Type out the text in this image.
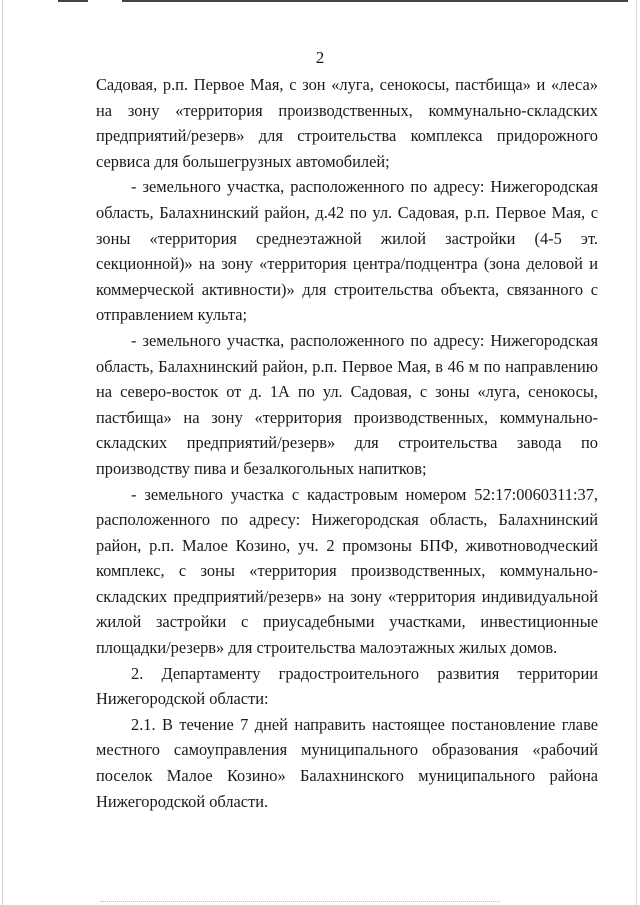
2

Садовая, р.п. Первое Мая, с зон «луга, сенокосы, пастбища» и «леса» на зону «территория производственных, коммунально-складских предприятий/резерв» для строительства комплекса придорожного сервиса для большегрузных автомобилей;

- земельного участка, расположенного по адресу: Нижегородская область, Балахнинский район, д.42 по ул. Садовая, р.п. Первое Мая, с зоны «территория среднеэтажной жилой застройки (4-5 эт. секционной)» на зону «территория центра/подцентра (зона деловой и коммерческой активности)» для строительства объекта, связанного с отправлением культа;

- земельного участка, расположенного по адресу: Нижегородская область, Балахнинский район, р.п. Первое Мая, в 46 м по направлению на северо-восток от д. 1А по ул. Садовая, с зоны «луга, сенокосы, пастбища» на зону «территория производственных, коммунально-складских предприятий/резерв» для строительства завода по производству пива и безалкогольных напитков;

- земельного участка с кадастровым номером 52:17:0060311:37, расположенного по адресу: Нижегородская область, Балахнинский район, р.п. Малое Козино, уч. 2 промзоны БПФ, животноводческий комплекс, с зоны «территория производственных, коммунально-складских предприятий/резерв» на зону «территория индивидуальной жилой застройки с приусадебными участками, инвестиционные площадки/резерв» для строительства малоэтажных жилых домов.

2. Департаменту градостроительного развития территории Нижегородской области:

2.1. В течение 7 дней направить настоящее постановление главе местного самоуправления муниципального образования «рабочий поселок Малое Козино» Балахнинского муниципального района Нижегородской области.
